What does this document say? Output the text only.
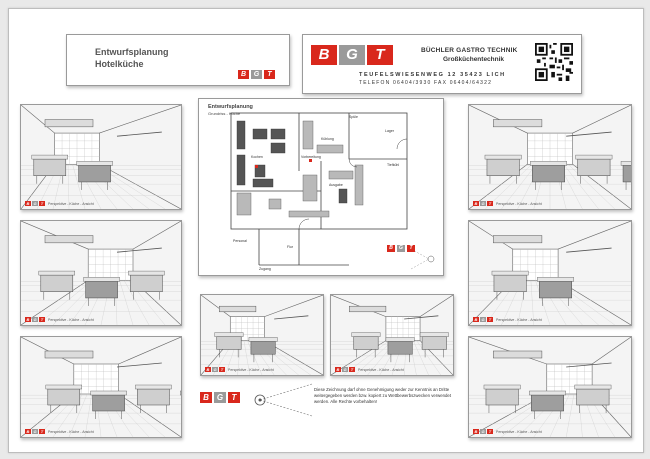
Entwurfsplanung
Hotelküche
B	G	T
B	G	T	BÜCHLER GASTRO TECHNIK
Großküchentechnik
TEUFELSWIESENWEG 12 35423 LICH
TELEFON 06404/3930 FAX 06404/64322
Entwurfsplanung
Grundriss - Küche
Spüle
Lager
Kühlung
Vorbereitung
Kochen
Tiefkühl
Ausgabe
Personal
Flur
Zugang
B	G	T
B	G	T	Perspektive - Küche - Ansicht
B	G	T	Perspektive - Küche - Ansicht
B	G	T	Perspektive - Küche - Ansicht
B	G	T	Perspektive - Küche - Ansicht	B	G	T	Perspektive - Küche - Ansicht
B	G	T	Perspektive - Küche - Ansicht
B	G	T	Perspektive - Küche - Ansicht
B	G	T	Perspektive - Küche - Ansicht
B G	T
Diese Zeichnung darf ohne Genehmigung weder zur Kenntnis an Dritte weitergegeben werden bzw. kopiert zu Wettbewerbszwecken verwendet werden. Alle Rechte vorbehalten!
